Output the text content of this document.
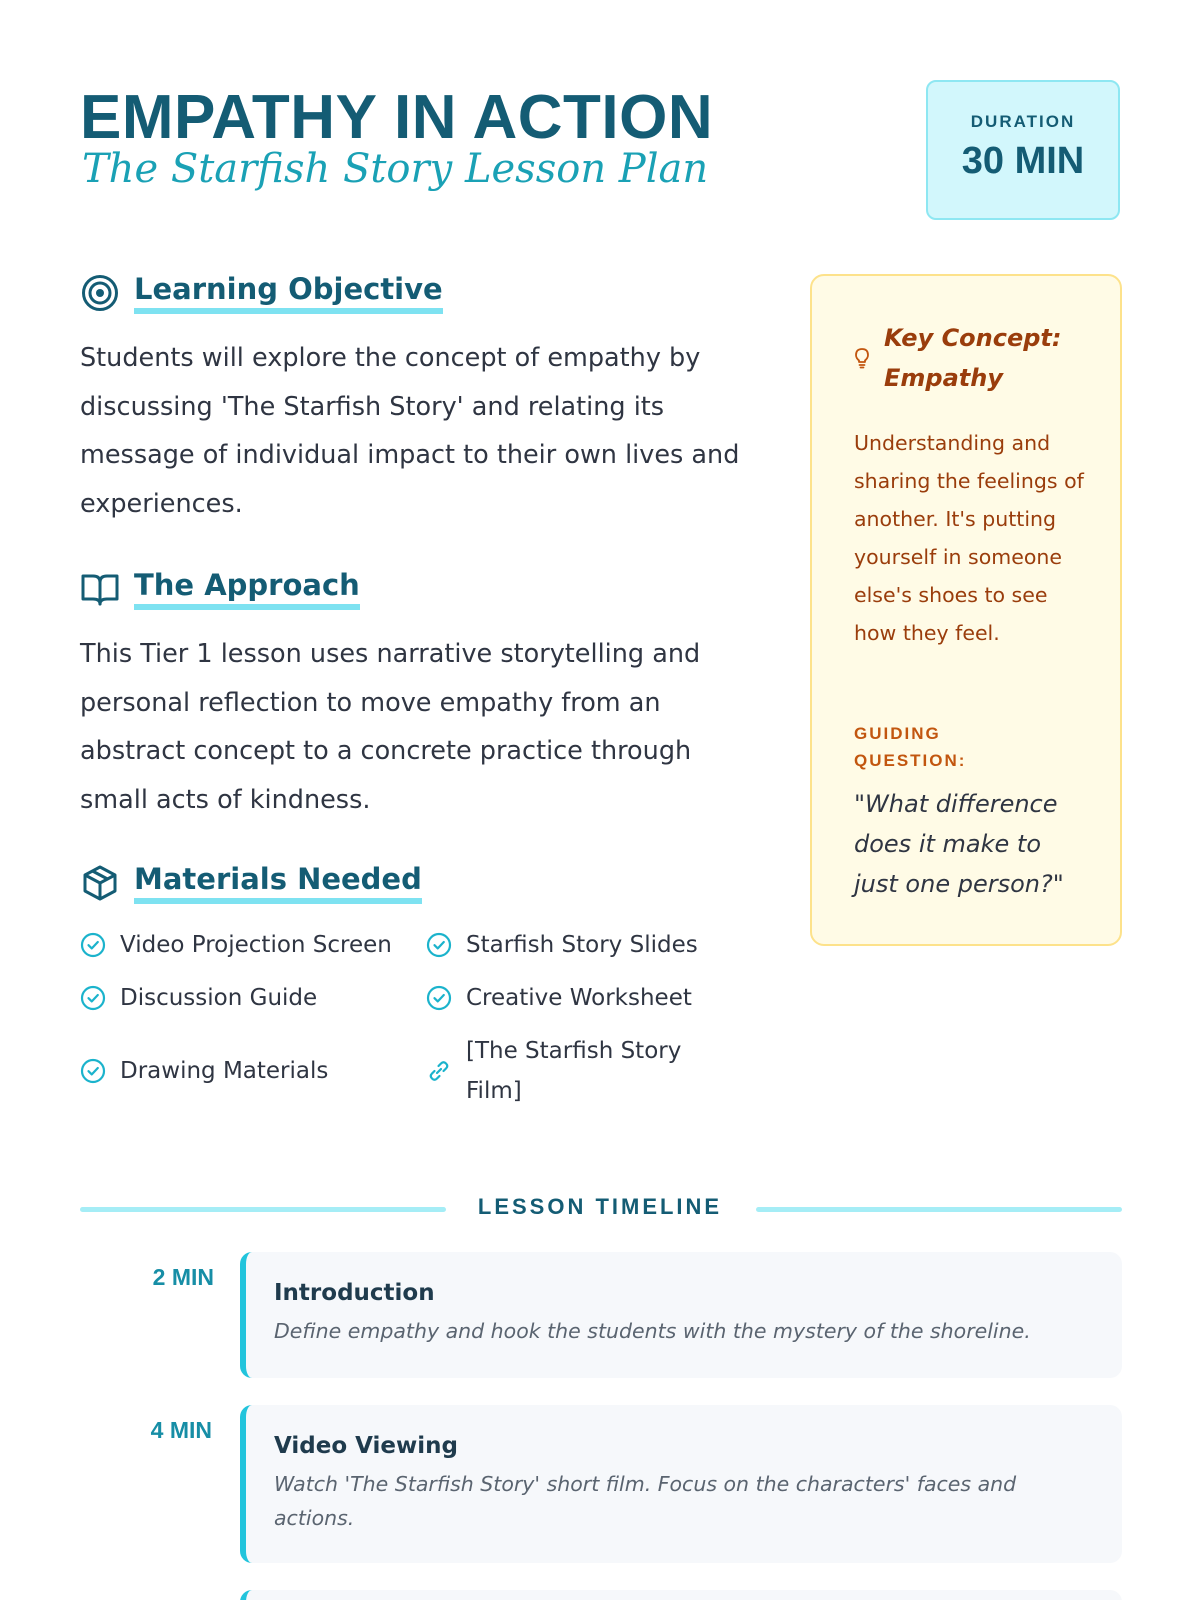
EMPATHY IN ACTION
The Starfish Story Lesson Plan
DURATION
30 MIN
Learning Objective
Students will explore the concept of empathy by discussing 'The Starfish Story' and relating its message of individual impact to their own lives and experiences.
The Approach
This Tier 1 lesson uses narrative storytelling and personal reflection to move empathy from an abstract concept to a concrete practice through small acts of kindness.
Materials Needed
Video Projection Screen	Starfish Story Slides
Discussion Guide	Creative Worksheet
Drawing Materials
[The Starfish Story Film]
Key Concept: Empathy
Understanding and sharing the feelings of another. It's putting yourself in someone else's shoes to see how they feel.
GUIDING QUESTION:
"What difference does it make to just one person?"
LESSON TIMELINE
2 MIN
Introduction
Define empathy and hook the students with the mystery of the shoreline.
4 MIN
Video Viewing
Watch 'The Starfish Story' short film. Focus on the characters' faces and actions.
